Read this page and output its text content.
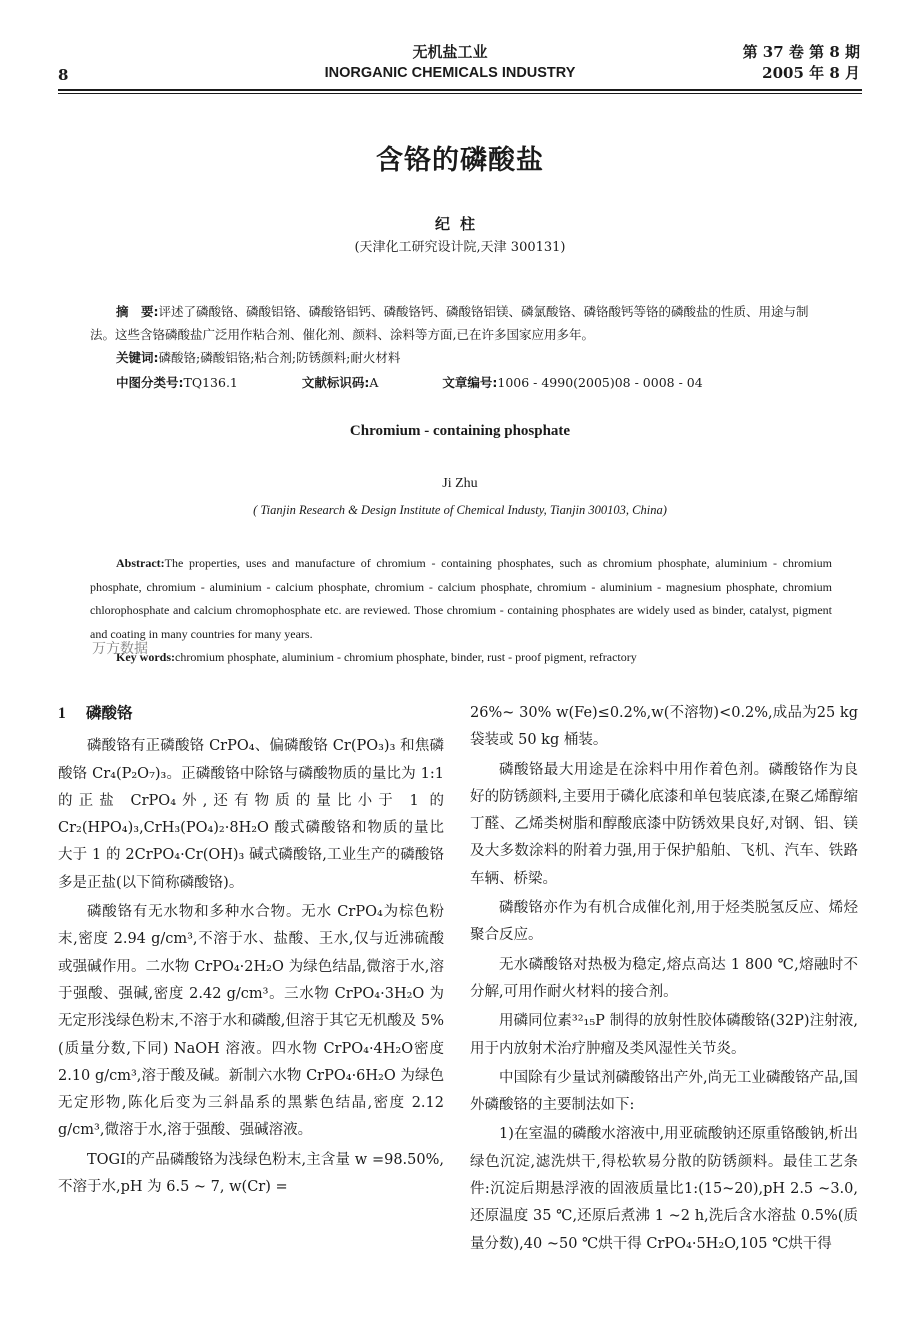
8
无机盐工业
INORGANIC CHEMICALS INDUSTRY
第 37 卷 第 8 期
2005 年 8 月
含铬的磷酸盐
纪柱
(天津化工研究设计院,天津 300131)

摘　要:评述了磷酸铬、磷酸铝铬、磷酸铬铝钙、磷酸铬钙、磷酸铬铝镁、磷氯酸铬、磷铬酸钙等铬的磷酸盐的性质、用途与制法。这些含铬磷酸盐广泛用作粘合剂、催化剂、颜料、涂料等方面,已在许多国家应用多年。

关键词:磷酸铬;磷酸铝铬;粘合剂;防锈颜料;耐火材料

中图分类号:TQ136.1	文献标识码:A	文章编号:1006 - 4990(2005)08 - 0008 - 04

Chromium - containing phosphate
Ji Zhu
( Tianjin Research & Design Institute of Chemical Industy, Tianjin 300103, China)

Abstract:The properties, uses and manufacture of chromium - containing phosphates, such as chromium phosphate, aluminium - chromium phosphate, chromium - aluminium - calcium phosphate, chromium - calcium phosphate, chromium - aluminium - magnesium phosphate, chromium chlorophosphate and calcium chromophosphate etc. are reviewed. Those chromium - containing phosphates are widely used as binder, catalyst, pigment and coating in many countries for many years.

Key words:chromium phosphate, aluminium - chromium phosphate, binder, rust - proof pigment, refractory

万方数据
1 磷酸铬

磷酸铬有正磷酸铬 CrPO₄、偏磷酸铬 Cr(PO₃)₃ 和焦磷酸铬 Cr₄(P₂O₇)₃。正磷酸铬中除铬与磷酸物质的量比为 1:1 的正盐 CrPO₄外,还有物质的量比小于 1 的 Cr₂(HPO₄)₃,CrH₃(PO₄)₂·8H₂O 酸式磷酸铬和物质的量比大于 1 的 2CrPO₄·Cr(OH)₃ 碱式磷酸铬,工业生产的磷酸铬多是正盐(以下简称磷酸铬)。

磷酸铬有无水物和多种水合物。无水 CrPO₄为棕色粉末,密度 2.94 g/cm³,不溶于水、盐酸、王水,仅与近沸硫酸或强碱作用。二水物 CrPO₄·2H₂O 为绿色结晶,微溶于水,溶于强酸、强碱,密度 2.42 g/cm³。三水物 CrPO₄·3H₂O 为无定形浅绿色粉末,不溶于水和磷酸,但溶于其它无机酸及 5%(质量分数,下同) NaOH 溶液。四水物 CrPO₄·4H₂O密度 2.10 g/cm³,溶于酸及碱。新制六水物 CrPO₄·6H₂O 为绿色无定形物,陈化后变为三斜晶系的黑紫色结晶,密度 2.12 g/cm³,微溶于水,溶于强酸、强碱溶液。

TOGI的产品磷酸铬为浅绿色粉末,主含量 w =98.50%,不溶于水,pH 为 6.5 ~ 7, w(Cr) =

26%~ 30% w(Fe)≤0.2%,w(不溶物)<0.2%,成品为25 kg袋装或 50 kg 桶装。

磷酸铬最大用途是在涂料中用作着色剂。磷酸铬作为良好的防锈颜料,主要用于磷化底漆和单包装底漆,在聚乙烯醇缩丁醛、乙烯类树脂和醇酸底漆中防锈效果良好,对钢、铝、镁及大多数涂料的附着力强,用于保护船舶、飞机、汽车、铁路车辆、桥梁。

磷酸铬亦作为有机合成催化剂,用于烃类脱氢反应、烯烃聚合反应。

无水磷酸铬对热极为稳定,熔点高达 1 800 ℃,熔融时不分解,可用作耐火材料的接合剂。

用磷同位素³²₁₅P 制得的放射性胶体磷酸铬(32P)注射液,用于内放射术治疗肿瘤及类风湿性关节炎。

中国除有少量试剂磷酸铬出产外,尚无工业磷酸铬产品,国外磷酸铬的主要制法如下:

1)在室温的磷酸水溶液中,用亚硫酸钠还原重铬酸钠,析出绿色沉淀,滤洗烘干,得松软易分散的防锈颜料。最佳工艺条件:沉淀后期悬浮液的固液质量比1:(15~20),pH 2.5 ~3.0,还原温度 35 ℃,还原后煮沸 1 ~2 h,洗后含水溶盐 0.5%(质量分数),40 ~50 ℃烘干得 CrPO₄·5H₂O,105 ℃烘干得
